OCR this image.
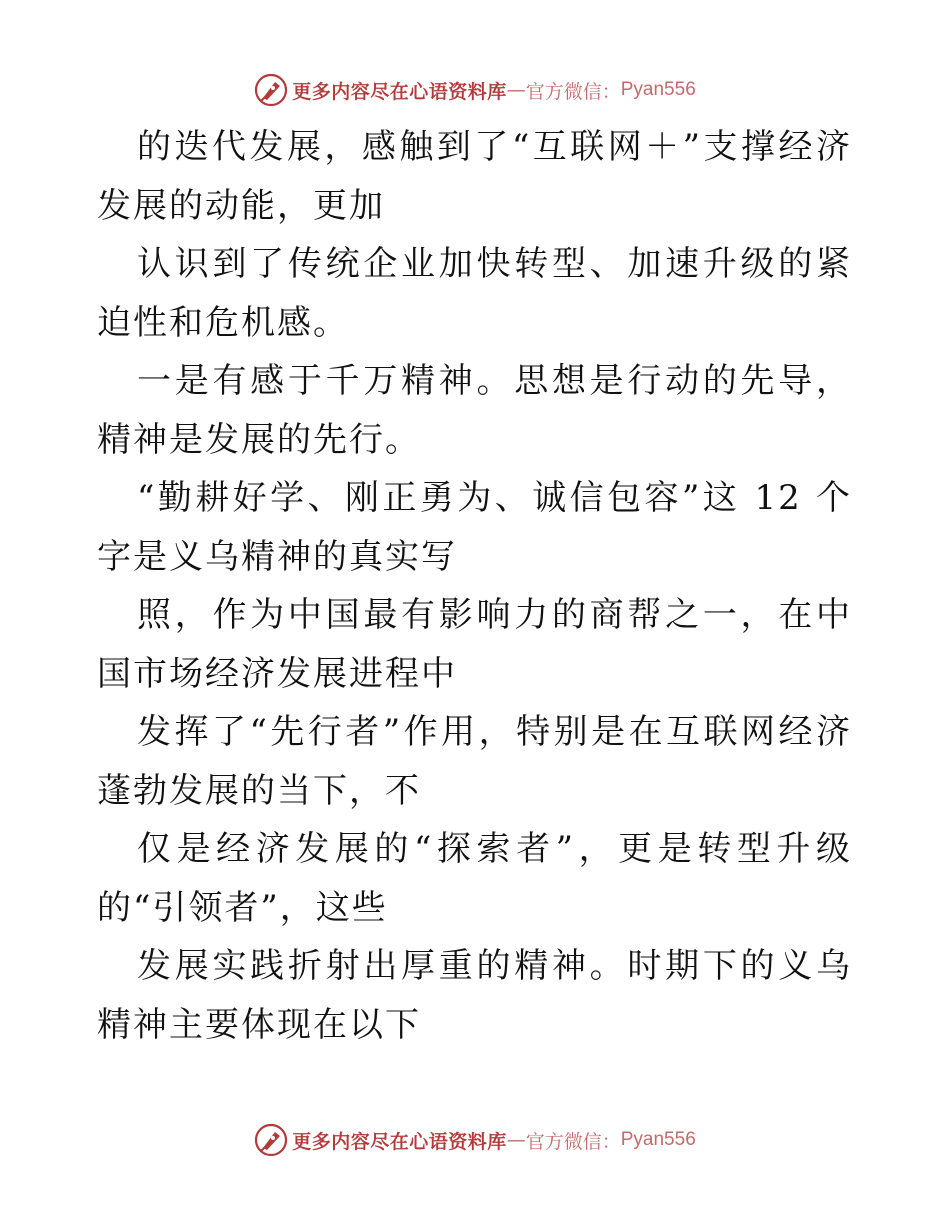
更多内容尽在心语资料库 — 官方微信： Pyan556

的迭代发展，感触到了“互联网＋”支撑经济发展的动能，更加

认识到了传统企业加快转型、加速升级的紧迫性和危机感。

一是有感于千万精神。思想是行动的先导，精神是发展的先行。

“勤耕好学、刚正勇为、诚信包容”这 12 个字是义乌精神的真实写

照，作为中国最有影响力的商帮之一，在中国市场经济发展进程中

发挥了“先行者”作用，特别是在互联网经济蓬勃发展的当下，不

仅是经济发展的“探索者”，更是转型升级的“引领者”，这些

发展实践折射出厚重的精神。时期下的义乌精神主要体现在以下

更多内容尽在心语资料库 — 官方微信： Pyan556
